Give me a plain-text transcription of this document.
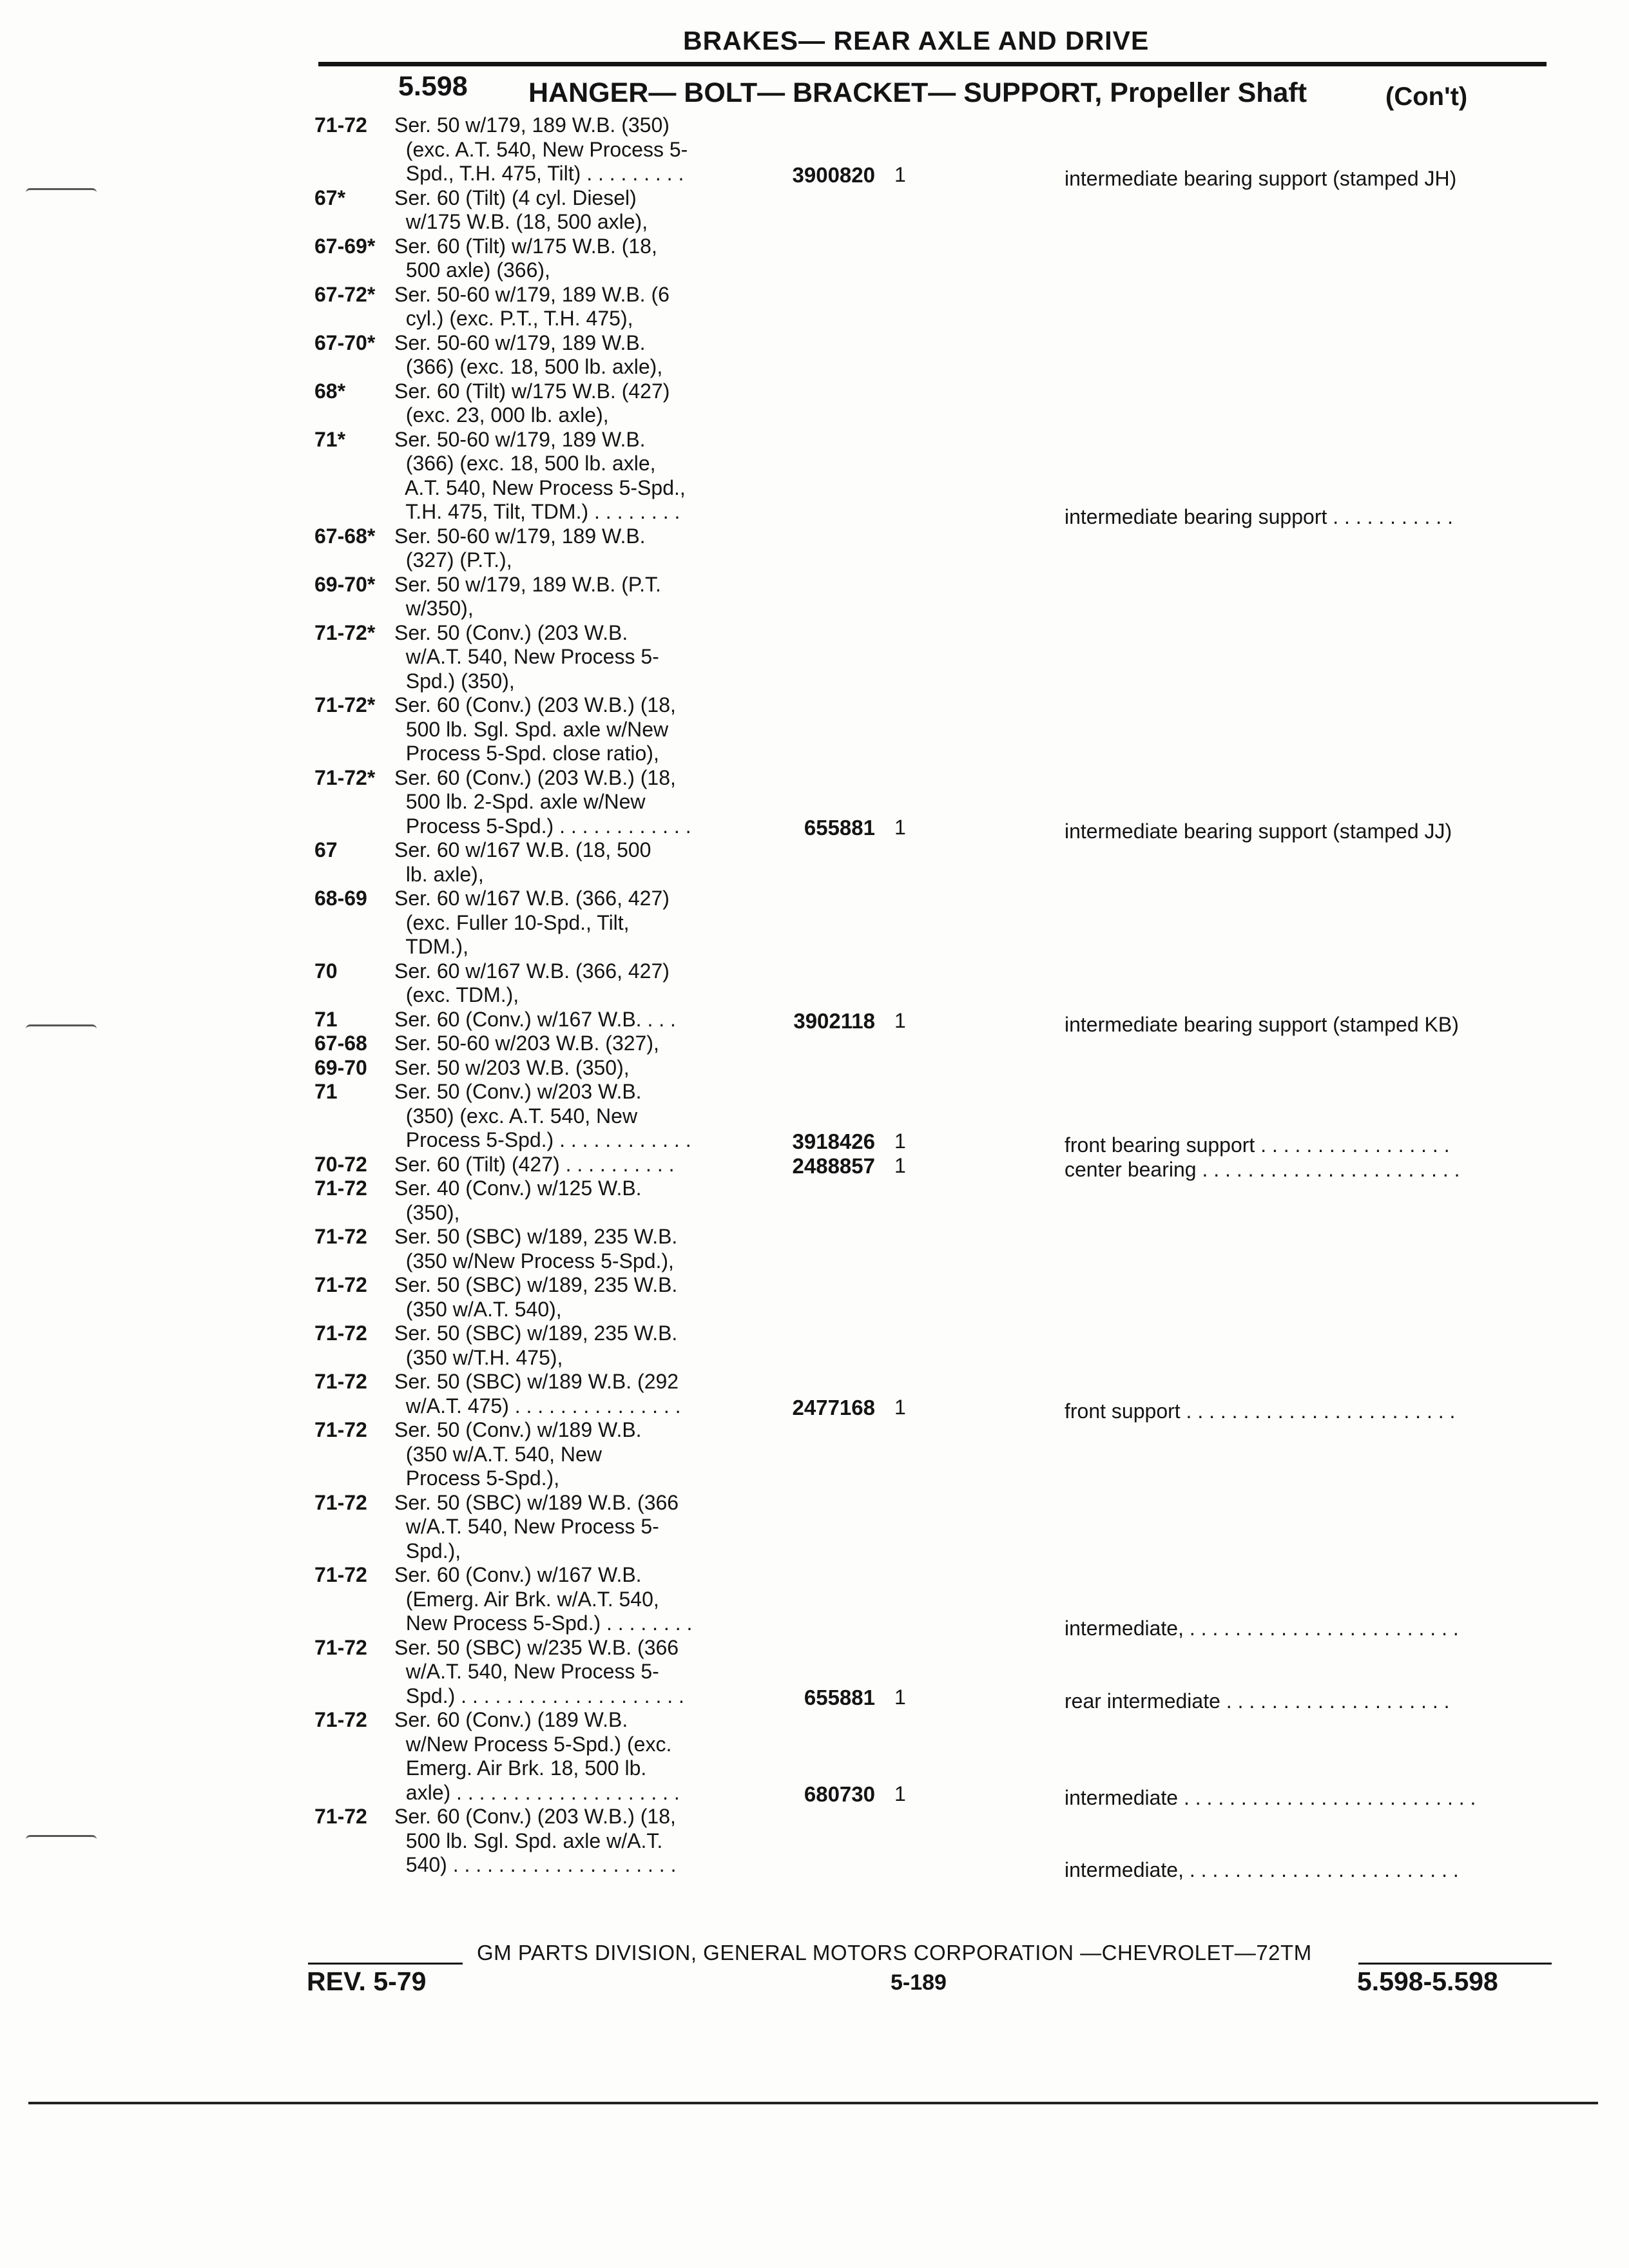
BRAKES— REAR AXLE AND DRIVE
5.598 HANGER— BOLT— BRACKET— SUPPORT, Propeller Shaft	(Con't)
71-72 Ser. 50 w/179, 189 W.B. (350)
(exc. A.T. 540, New Process 5-
Spd., T.H. 475, Tilt) . . . . . . . . .	3900820 1	intermediate bearing support (stamped JH)
67* Ser. 60 (Tilt) (4 cyl. Diesel)
w/175 W.B. (18, 500 axle),
67-69* Ser. 60 (Tilt) w/175 W.B. (18,
500 axle) (366),
67-72* Ser. 50-60 w/179, 189 W.B. (6
cyl.) (exc. P.T., T.H. 475),
67-70* Ser. 50-60 w/179, 189 W.B.
(366) (exc. 18, 500 lb. axle),
68* Ser. 60 (Tilt) w/175 W.B. (427)
(exc. 23, 000 lb. axle),
71* Ser. 50-60 w/179, 189 W.B.
(366) (exc. 18, 500 lb. axle,
A.T. 540, New Process 5-Spd.,
T.H. 475, Tilt, TDM.) . . . . . . . .	intermediate bearing support . . . . . . . . . . .
67-68* Ser. 50-60 w/179, 189 W.B.
(327) (P.T.),
69-70* Ser. 50 w/179, 189 W.B. (P.T.
w/350),
71-72* Ser. 50 (Conv.) (203 W.B.
w/A.T. 540, New Process 5-
Spd.) (350),
71-72* Ser. 60 (Conv.) (203 W.B.) (18,
500 lb. Sgl. Spd. axle w/New
Process 5-Spd. close ratio),
71-72* Ser. 60 (Conv.) (203 W.B.) (18,
500 lb. 2-Spd. axle w/New
Process 5-Spd.) . . . . . . . . . . . .	655881 1	intermediate bearing support (stamped JJ)
67	Ser. 60 w/167 W.B. (18, 500
lb. axle),
68-69 Ser. 60 w/167 W.B. (366, 427)
(exc. Fuller 10-Spd., Tilt,
TDM.),
70	Ser. 60 w/167 W.B. (366, 427)
(exc. TDM.),
71	Ser. 60 (Conv.) w/167 W.B. . . .	3902118 1	intermediate bearing support (stamped KB)
67-68 Ser. 50-60 w/203 W.B. (327),
69-70 Ser. 50 w/203 W.B. (350),
71	Ser. 50 (Conv.) w/203 W.B.
(350) (exc. A.T. 540, New
Process 5-Spd.) . . . . . . . . . . . .	3918426 1	front bearing support . . . . . . . . . . . . . . . . .
70-72 Ser. 60 (Tilt) (427) . . . . . . . . . .	2488857 1	center bearing . . . . . . . . . . . . . . . . . . . . . . .
71-72 Ser. 40 (Conv.) w/125 W.B.
(350),
71-72 Ser. 50 (SBC) w/189, 235 W.B.
(350 w/New Process 5-Spd.),
71-72 Ser. 50 (SBC) w/189, 235 W.B.
(350 w/A.T. 540),
71-72 Ser. 50 (SBC) w/189, 235 W.B.
(350 w/T.H. 475),
71-72 Ser. 50 (SBC) w/189 W.B. (292
w/A.T. 475) . . . . . . . . . . . . . . .	2477168 1	front support . . . . . . . . . . . . . . . . . . . . . . . .
71-72 Ser. 50 (Conv.) w/189 W.B.
(350 w/A.T. 540, New
Process 5-Spd.),
71-72 Ser. 50 (SBC) w/189 W.B. (366
w/A.T. 540, New Process 5-
Spd.),
71-72 Ser. 60 (Conv.) w/167 W.B.
(Emerg. Air Brk. w/A.T. 540,
New Process 5-Spd.) . . . . . . . .	intermediate, . . . . . . . . . . . . . . . . . . . . . . . .
71-72 Ser. 50 (SBC) w/235 W.B. (366
w/A.T. 540, New Process 5-
Spd.) . . . . . . . . . . . . . . . . . . . .	655881 1	rear intermediate . . . . . . . . . . . . . . . . . . . .
71-72 Ser. 60 (Conv.) (189 W.B.
w/New Process 5-Spd.) (exc.
Emerg. Air Brk. 18, 500 lb.
axle) . . . . . . . . . . . . . . . . . . . .	680730 1	intermediate . . . . . . . . . . . . . . . . . . . . . . . . . .
71-72 Ser. 60 (Conv.) (203 W.B.) (18,
500 lb. Sgl. Spd. axle w/A.T.
540) . . . . . . . . . . . . . . . . . . . .	intermediate, . . . . . . . . . . . . . . . . . . . . . . . .
GM PARTS DIVISION, GENERAL MOTORS CORPORATION —CHEVROLET—72TM
REV. 5-79	5-189	5.598-5.598
